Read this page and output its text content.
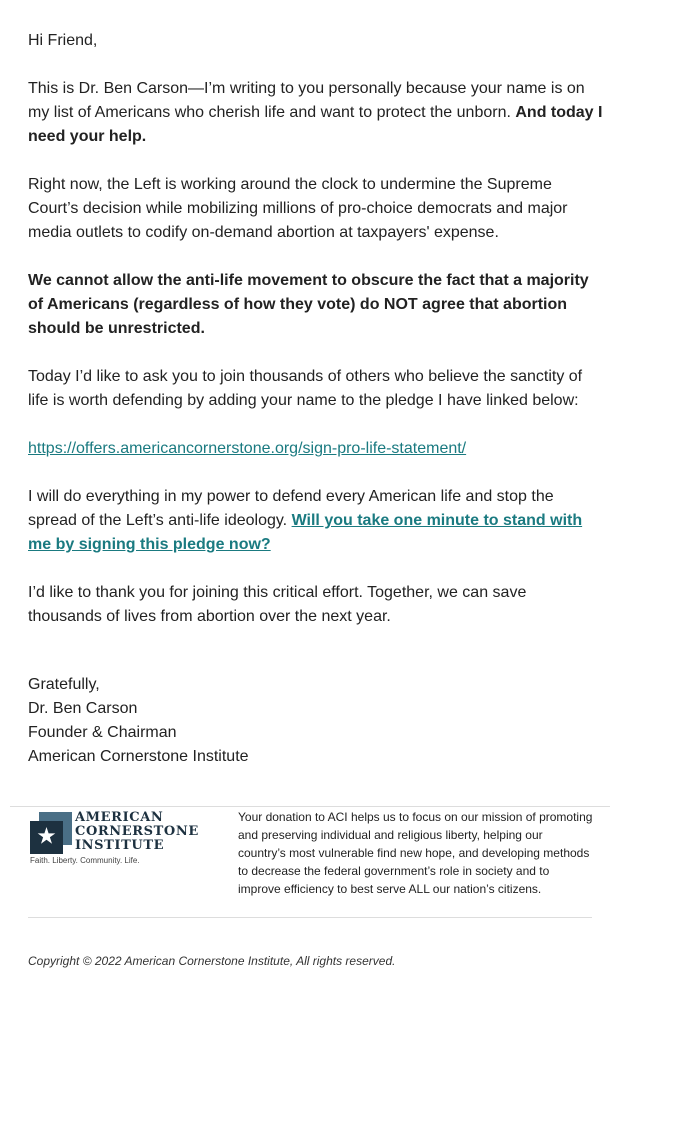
Hi Friend,

This is Dr. Ben Carson—I’m writing to you personally because your name is on my list of Americans who cherish life and want to protect the unborn. And today I need your help.

Right now, the Left is working around the clock to undermine the Supreme Court’s decision while mobilizing millions of pro-choice democrats and major media outlets to codify on-demand abortion at taxpayers' expense.

We cannot allow the anti-life movement to obscure the fact that a majority of Americans (regardless of how they vote) do NOT agree that abortion should be unrestricted.

Today I’d like to ask you to join thousands of others who believe the sanctity of life is worth defending by adding your name to the pledge I have linked below:

https://offers.americancornerstone.org/sign-pro-life-statement/

I will do everything in my power to defend every American life and stop the spread of the Left’s anti-life ideology. Will you take one minute to stand with me by signing this pledge now?

I’d like to thank you for joining this critical effort. Together, we can save thousands of lives from abortion over the next year.

Gratefully,
Dr. Ben Carson
Founder & Chairman
American Cornerstone Institute

AMERICAN
CORNERSTONE
INSTITUTE
Faith. Liberty. Community. Life.
Your donation to ACI helps us to focus on our mission of promoting and preserving individual and religious liberty, helping our country’s most vulnerable find new hope, and developing methods to decrease the federal government’s role in society and to improve efficiency to best serve ALL our nation’s citizens.
Copyright © 2022 American Cornerstone Institute, All rights reserved.
